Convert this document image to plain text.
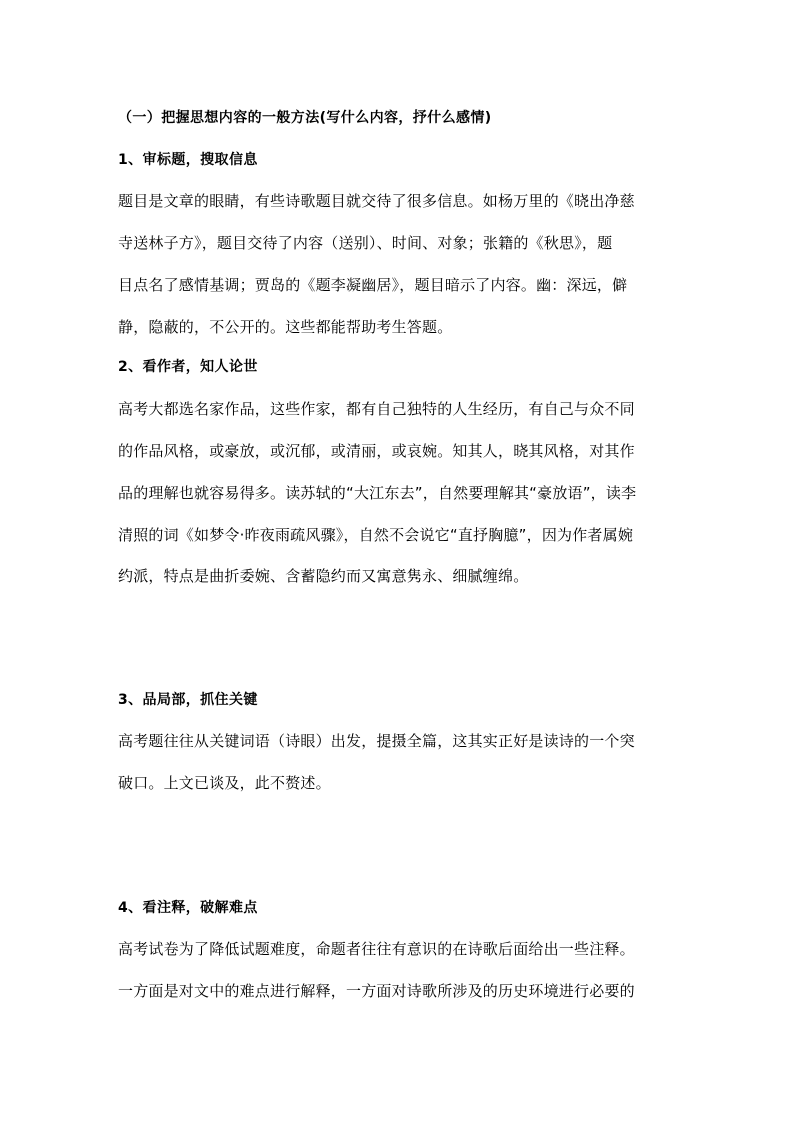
（一）把握思想内容的一般方法(写什么内容，抒什么感情)
1、审标题，搜取信息
题目是文章的眼睛，有些诗歌题目就交待了很多信息。如杨万里的《晓出净慈
寺送林子方》，题目交待了内容（送别）、时间、对象；张籍的《秋思》，题
目点名了感情基调；贾岛的《题李凝幽居》，题目暗示了内容。幽：深远，僻
静，隐蔽的，不公开的。这些都能帮助考生答题。
2、看作者，知人论世
高考大都选名家作品，这些作家，都有自己独特的人生经历，有自己与众不同
的作品风格，或豪放，或沉郁，或清丽，或哀婉。知其人，晓其风格，对其作
品的理解也就容易得多。读苏轼的“大江东去”，自然要理解其“豪放语”，读李
清照的词《如梦令·昨夜雨疏风骤》，自然不会说它“直抒胸臆”，因为作者属婉
约派，特点是曲折委婉、含蓄隐约而又寓意隽永、细腻缠绵。
3、品局部，抓住关键
高考题往往从关键词语（诗眼）出发，提摄全篇，这其实正好是读诗的一个突
破口。上文已谈及，此不赘述。
4、看注释，破解难点
高考试卷为了降低试题难度，命题者往往有意识的在诗歌后面给出一些注释。
一方面是对文中的难点进行解释，一方面对诗歌所涉及的历史环境进行必要的
